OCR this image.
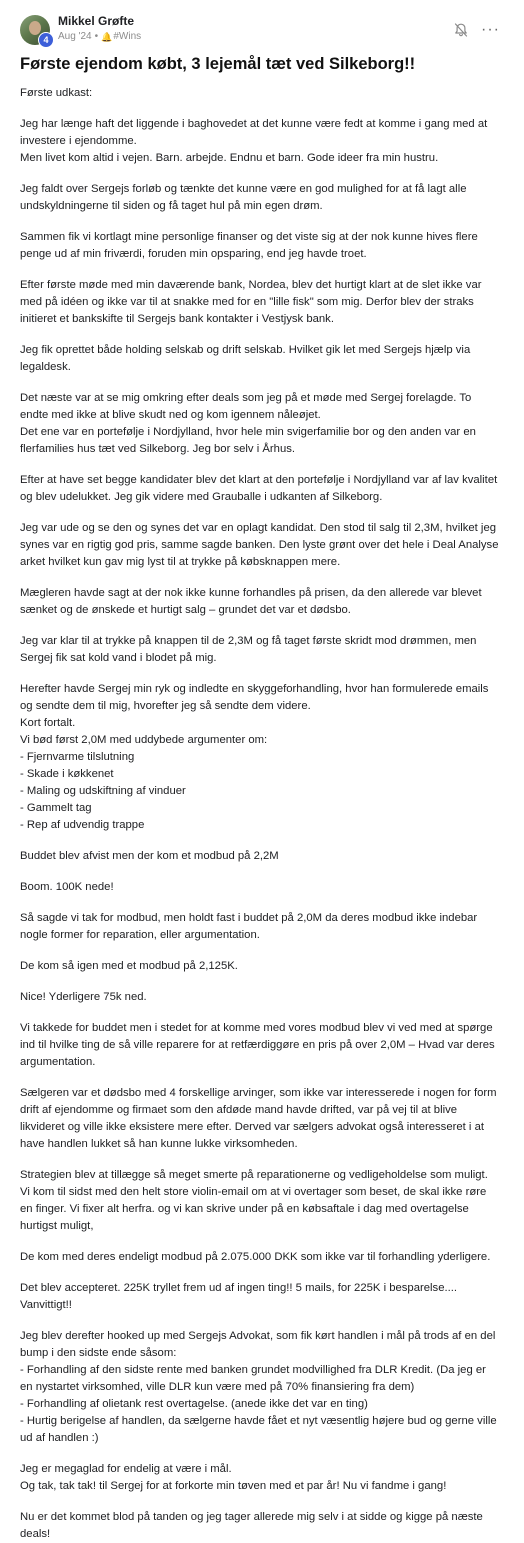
4
Mikkel Grøfte
Aug '24 • 🔔 #Wins	···
Første ejendom købt, 3 lejemål tæt ved Silkeborg!!

Første udkast:

Jeg har længe haft det liggende i baghovedet at det kunne være fedt at komme i gang med at investere i ejendomme.
Men livet kom altid i vejen. Barn. arbejde. Endnu et barn. Gode ideer fra min hustru.

Jeg faldt over Sergejs forløb og tænkte det kunne være en god mulighed for at få lagt alle undskyldningerne til siden og få taget hul på min egen drøm.

Sammen fik vi kortlagt mine personlige finanser og det viste sig at der nok kunne hives flere penge ud af min friværdi, foruden min opsparing, end jeg havde troet.

Efter første møde med min daværende bank, Nordea, blev det hurtigt klart at de slet ikke var med på idéen og ikke var til at snakke med for en "lille fisk" som mig. Derfor blev der straks initieret et bankskifte til Sergejs bank kontakter i Vestjysk bank.

Jeg fik oprettet både holding selskab og drift selskab. Hvilket gik let med Sergejs hjælp via legaldesk.

Det næste var at se mig omkring efter deals som jeg på et møde med Sergej forelagde. To endte med ikke at blive skudt ned og kom igennem nåleøjet.
Det ene var en portefølje i Nordjylland, hvor hele min svigerfamilie bor og den anden var en flerfamilies hus tæt ved Silkeborg. Jeg bor selv i Århus.

Efter at have set begge kandidater blev det klart at den portefølje i Nordjylland var af lav kvalitet og blev udelukket. Jeg gik videre med Grauballe i udkanten af Silkeborg.

Jeg var ude og se den og synes det var en oplagt kandidat. Den stod til salg til 2,3M, hvilket jeg synes var en rigtig god pris, samme sagde banken. Den lyste grønt over det hele i Deal Analyse arket hvilket kun gav mig lyst til at trykke på købsknappen mere.

Mægleren havde sagt at der nok ikke kunne forhandles på prisen, da den allerede var blevet sænket og de ønskede et hurtigt salg – grundet det var et dødsbo.

Jeg var klar til at trykke på knappen til de 2,3M og få taget første skridt mod drømmen, men Sergej fik sat kold vand i blodet på mig.

Herefter havde Sergej min ryk og indledte en skyggeforhandling, hvor han formulerede emails og sendte dem til mig, hvorefter jeg så sendte dem videre.
Kort fortalt.
Vi bød først 2,0M med uddybede argumenter om:
- Fjernvarme tilslutning
- Skade i køkkenet
- Maling og udskiftning af vinduer
- Gammelt tag
- Rep af udvendig trappe

Buddet blev afvist men der kom et modbud på 2,2M

Boom. 100K nede!

Så sagde vi tak for modbud, men holdt fast i buddet på 2,0M da deres modbud ikke indebar nogle former for reparation, eller argumentation.

De kom så igen med et modbud på 2,125K.

Nice! Yderligere 75k ned.

Vi takkede for buddet men i stedet for at komme med vores modbud blev vi ved med at spørge ind til hvilke ting de så ville reparere for at retfærdiggøre en pris på over 2,0M – Hvad var deres argumentation.

Sælgeren var et dødsbo med 4 forskellige arvinger, som ikke var interesserede i nogen for form drift af ejendomme og firmaet som den afdøde mand havde drifted, var på vej til at blive likvideret og ville ikke eksistere mere efter. Derved var sælgers advokat også interesseret i at have handlen lukket så han kunne lukke virksomheden.

Strategien blev at tillægge så meget smerte på reparationerne og vedligeholdelse som muligt.
Vi kom til sidst med den helt store violin-email om at vi overtager som beset, de skal ikke røre en finger. Vi fixer alt herfra. og vi kan skrive under på en købsaftale i dag med overtagelse hurtigst muligt,

De kom med deres endeligt modbud på 2.075.000 DKK som ikke var til forhandling yderligere.

Det blev accepteret. 225K tryllet frem ud af ingen ting!! 5 mails, for 225K i besparelse.... Vanvittigt!!

Jeg blev derefter hooked up med Sergejs Advokat, som fik kørt handlen i mål på trods af en del bump i den sidste ende såsom:
- Forhandling af den sidste rente med banken grundet modvillighed fra DLR Kredit. (Da jeg er en nystartet virksomhed, ville DLR kun være med på 70% finansiering fra dem)
- Forhandling af olietank rest overtagelse. (anede ikke det var en ting)
- Hurtig berigelse af handlen, da sælgerne havde fået et nyt væsentlig højere bud og gerne ville ud af handlen :)

Jeg er megaglad for endelig at være i mål.
Og tak, tak tak! til Sergej for at forkorte min tøven med et par år! Nu vi fandme i gang!

Nu er det kommet blod på tanden og jeg tager allerede mig selv i at sidde og kigge på næste deals!
